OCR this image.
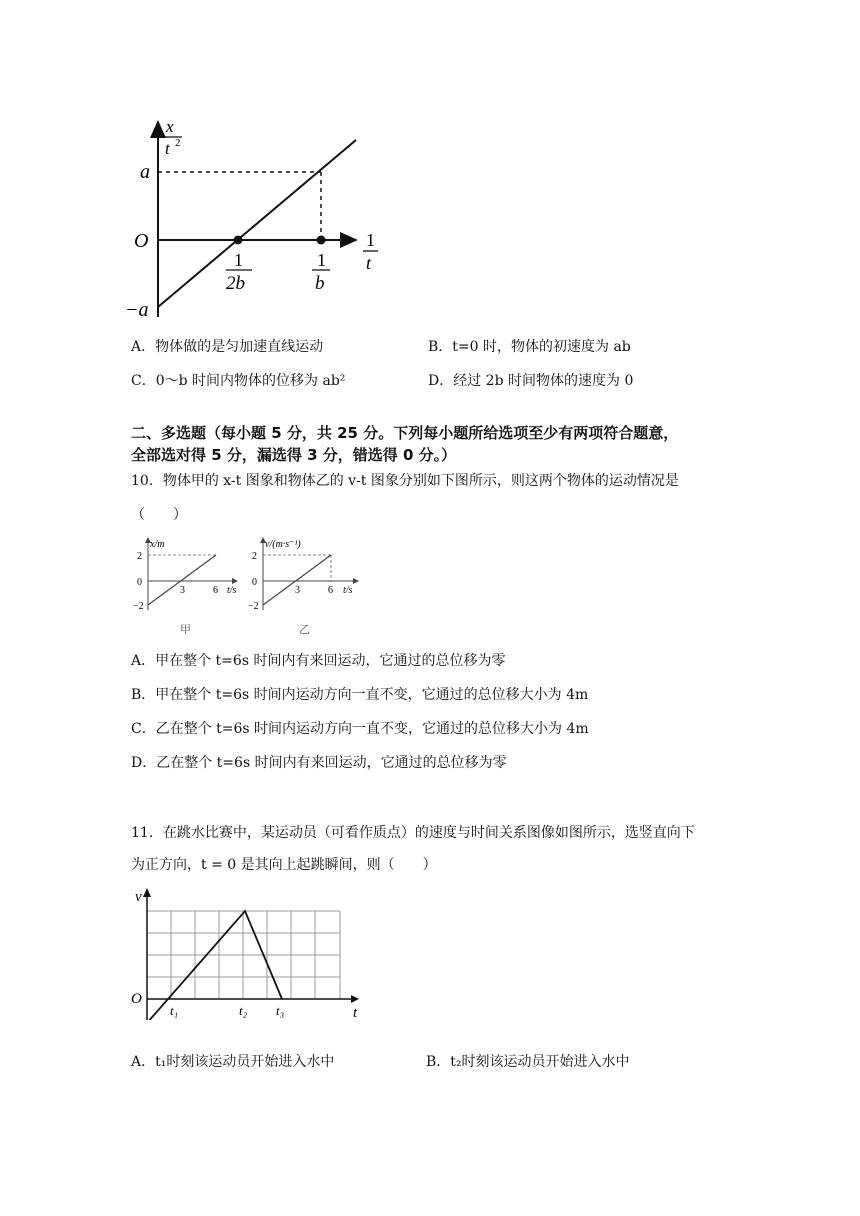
x
t 2
a
O
−a
1
t
1
2b
1
b
A．物体做的是匀加速直线运动	B．t=0 时，物体的初速度为 ab
C．0～b 时间内物体的位移为 ab²	D．经过 2b 时间物体的速度为 0
二、多选题（每小题 5 分，共 25 分。下列每小题所给选项至少有两项符合题意，
全部选对得 5 分，漏选得 3 分，错选得 0 分。）
10．物体甲的 x-t 图象和物体乙的 v-t 图象分别如下图所示，则这两个物体的运动情况是
（　　）
x/m
2
0
−2
3	6 t/s
甲
v/(m·s⁻¹)
2
0
−2
3	6 t/s
乙
A．甲在整个 t=6s 时间内有来回运动，它通过的总位移为零
B．甲在整个 t=6s 时间内运动方向一直不变，它通过的总位移大小为 4m
C．乙在整个 t=6s 时间内运动方向一直不变，它通过的总位移大小为 4m
D．乙在整个 t=6s 时间内有来回运动，它通过的总位移为零
11．在跳水比赛中，某运动员（可看作质点）的速度与时间关系图像如图所示，选竖直向下
为正方向，t = 0 是其向上起跳瞬间，则（　　）
v
O
t
t₁	t₂ t₃
A．t₁时刻该运动员开始进入水中	B．t₂时刻该运动员开始进入水中
